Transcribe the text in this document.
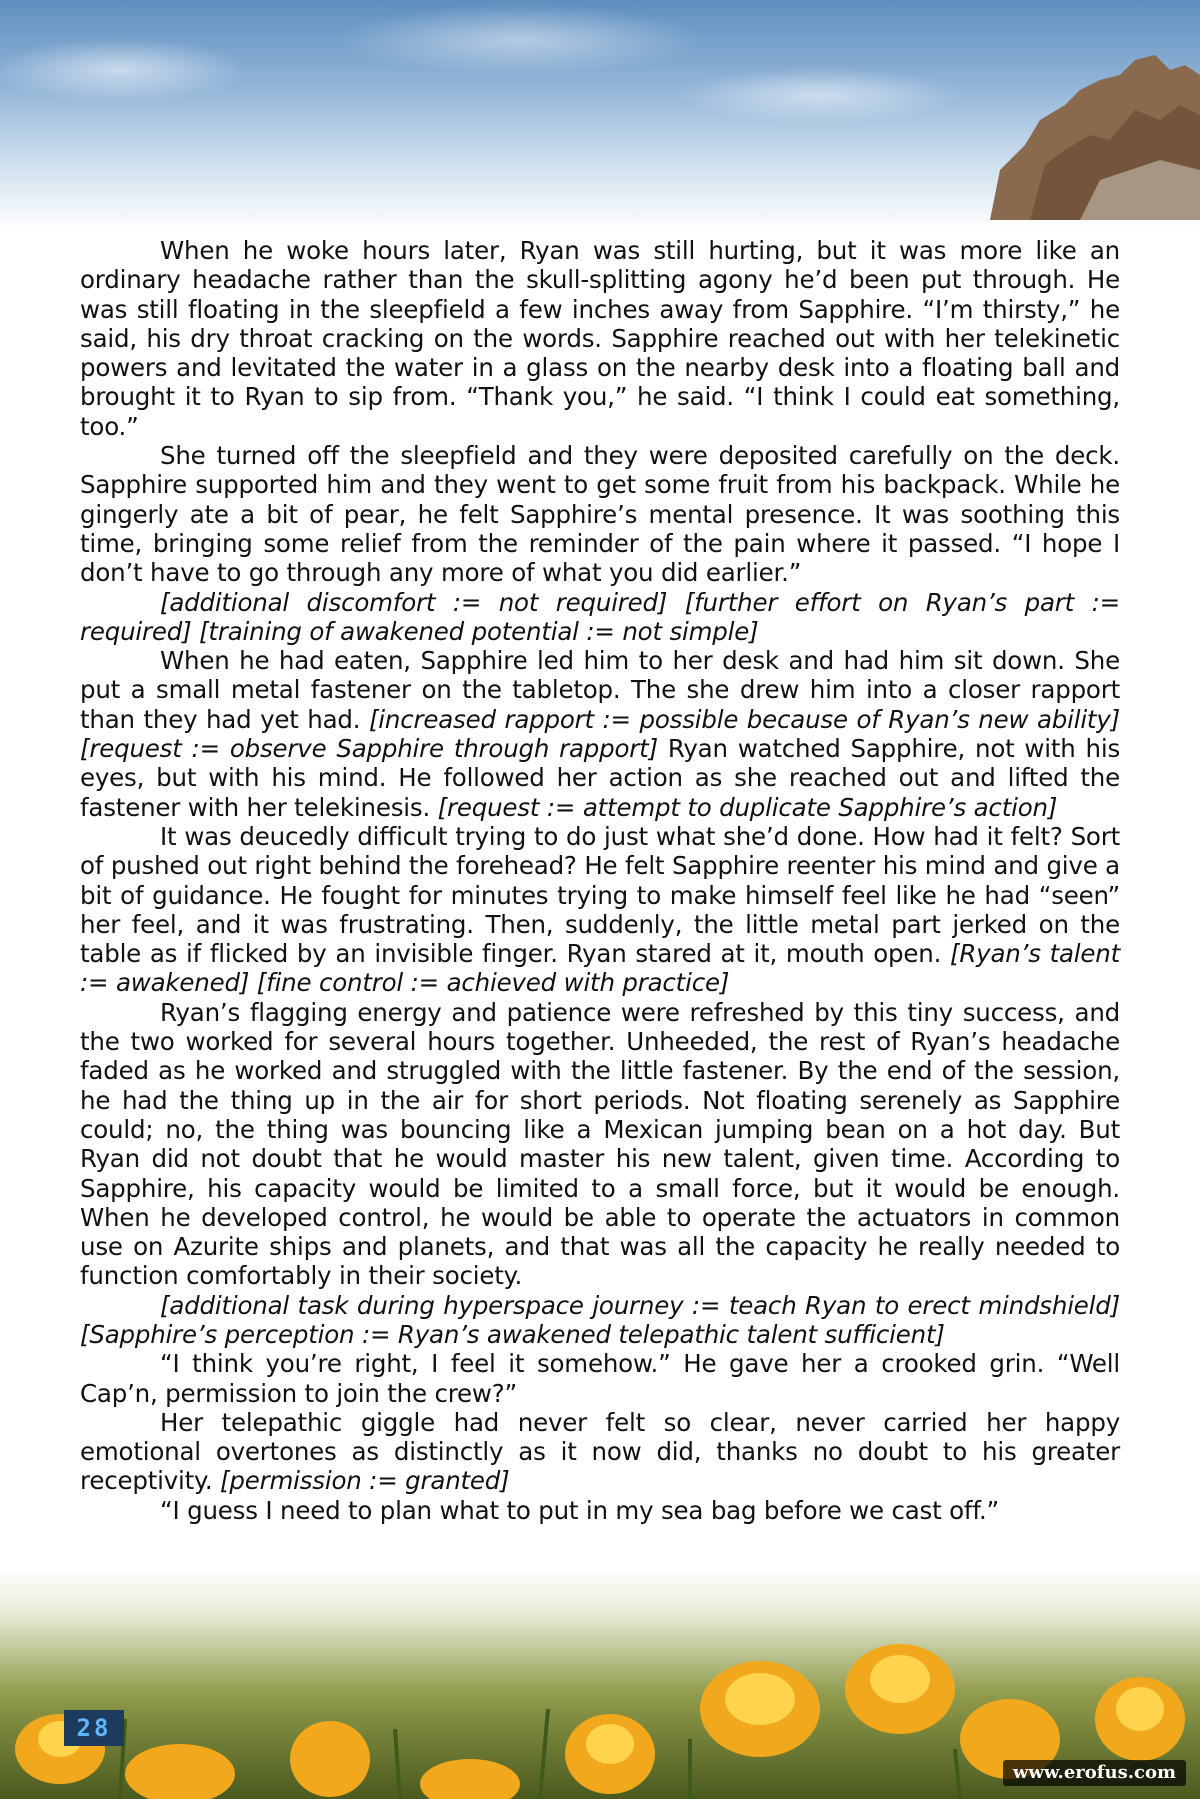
28
www.erofus.com

When he woke hours later, Ryan was still hurting, but it was more like an ordinary headache rather than the skull-splitting agony he’d been put through. He was still floating in the sleepfield a few inches away from Sapphire. “I’m thirsty,” he said, his dry throat cracking on the words. Sapphire reached out with her telekinetic powers and levitated the water in a glass on the nearby desk into a floating ball and brought it to Ryan to sip from. “Thank you,” he said. “I think I could eat something, too.”

She turned off the sleepfield and they were deposited carefully on the deck. Sapphire supported him and they went to get some fruit from his backpack. While he gingerly ate a bit of pear, he felt Sapphire’s mental presence. It was soothing this time, bringing some relief from the reminder of the pain where it passed. “I hope I don’t have to go through any more of what you did earlier.”

[additional discomfort := not required] [further effort on Ryan’s part := required] [training of awakened potential := not simple]

When he had eaten, Sapphire led him to her desk and had him sit down. She put a small metal fastener on the tabletop. The she drew him into a closer rapport than they had yet had. [increased rapport := possible because of Ryan’s new ability] [request := observe Sapphire through rapport] Ryan watched Sapphire, not with his eyes, but with his mind. He followed her action as she reached out and lifted the fastener with her telekinesis. [request := attempt to duplicate Sapphire’s action]

It was deucedly difficult trying to do just what she’d done. How had it felt? Sort of pushed out right behind the forehead? He felt Sapphire reenter his mind and give a bit of guidance. He fought for minutes trying to make himself feel like he had “seen” her feel, and it was frustrating. Then, suddenly, the little metal part jerked on the table as if flicked by an invisible finger. Ryan stared at it, mouth open. [Ryan’s talent := awakened] [fine control := achieved with practice]

Ryan’s flagging energy and patience were refreshed by this tiny success, and the two worked for several hours together. Unheeded, the rest of Ryan’s headache faded as he worked and struggled with the little fastener. By the end of the session, he had the thing up in the air for short periods. Not floating serenely as Sapphire could; no, the thing was bouncing like a Mexican jumping bean on a hot day. But Ryan did not doubt that he would master his new talent, given time. According to Sapphire, his capacity would be limited to a small force, but it would be enough. When he developed control, he would be able to operate the actuators in common use on Azurite ships and planets, and that was all the capacity he really needed to function comfortably in their society.

[additional task during hyperspace journey := teach Ryan to erect mindshield] [Sapphire’s perception := Ryan’s awakened telepathic talent sufficient]

“I think you’re right, I feel it somehow.” He gave her a crooked grin. “Well Cap’n, permission to join the crew?”

Her telepathic giggle had never felt so clear, never carried her happy emotional overtones as distinctly as it now did, thanks no doubt to his greater receptivity. [permission := granted]

“I guess I need to plan what to put in my sea bag before we cast off.”
